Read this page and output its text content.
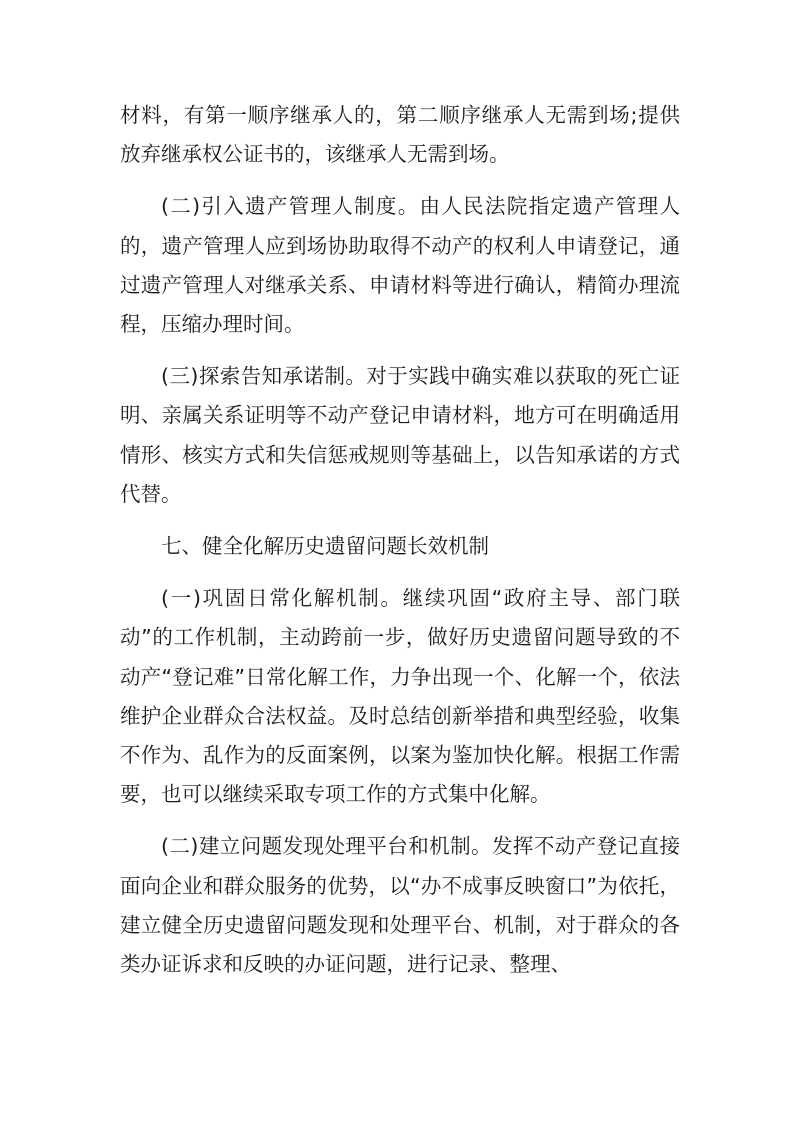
材料，有第一顺序继承人的，第二顺序继承人无需到场;提供放弃继承权公证书的，该继承人无需到场。

(二)引入遗产管理人制度。由人民法院指定遗产管理人的，遗产管理人应到场协助取得不动产的权利人申请登记，通过遗产管理人对继承关系、申请材料等进行确认，精简办理流程，压缩办理时间。

(三)探索告知承诺制。对于实践中确实难以获取的死亡证明、亲属关系证明等不动产登记申请材料，地方可在明确适用情形、核实方式和失信惩戒规则等基础上，以告知承诺的方式代替。

七、健全化解历史遗留问题长效机制

(一)巩固日常化解机制。继续巩固“政府主导、部门联动”的工作机制，主动跨前一步，做好历史遗留问题导致的不动产“登记难”日常化解工作，力争出现一个、化解一个，依法维护企业群众合法权益。及时总结创新举措和典型经验，收集不作为、乱作为的反面案例，以案为鉴加快化解。根据工作需要，也可以继续采取专项工作的方式集中化解。

(二)建立问题发现处理平台和机制。发挥不动产登记直接面向企业和群众服务的优势，以“办不成事反映窗口”为依托，建立健全历史遗留问题发现和处理平台、机制，对于群众的各类办证诉求和反映的办证问题，进行记录、整理、
